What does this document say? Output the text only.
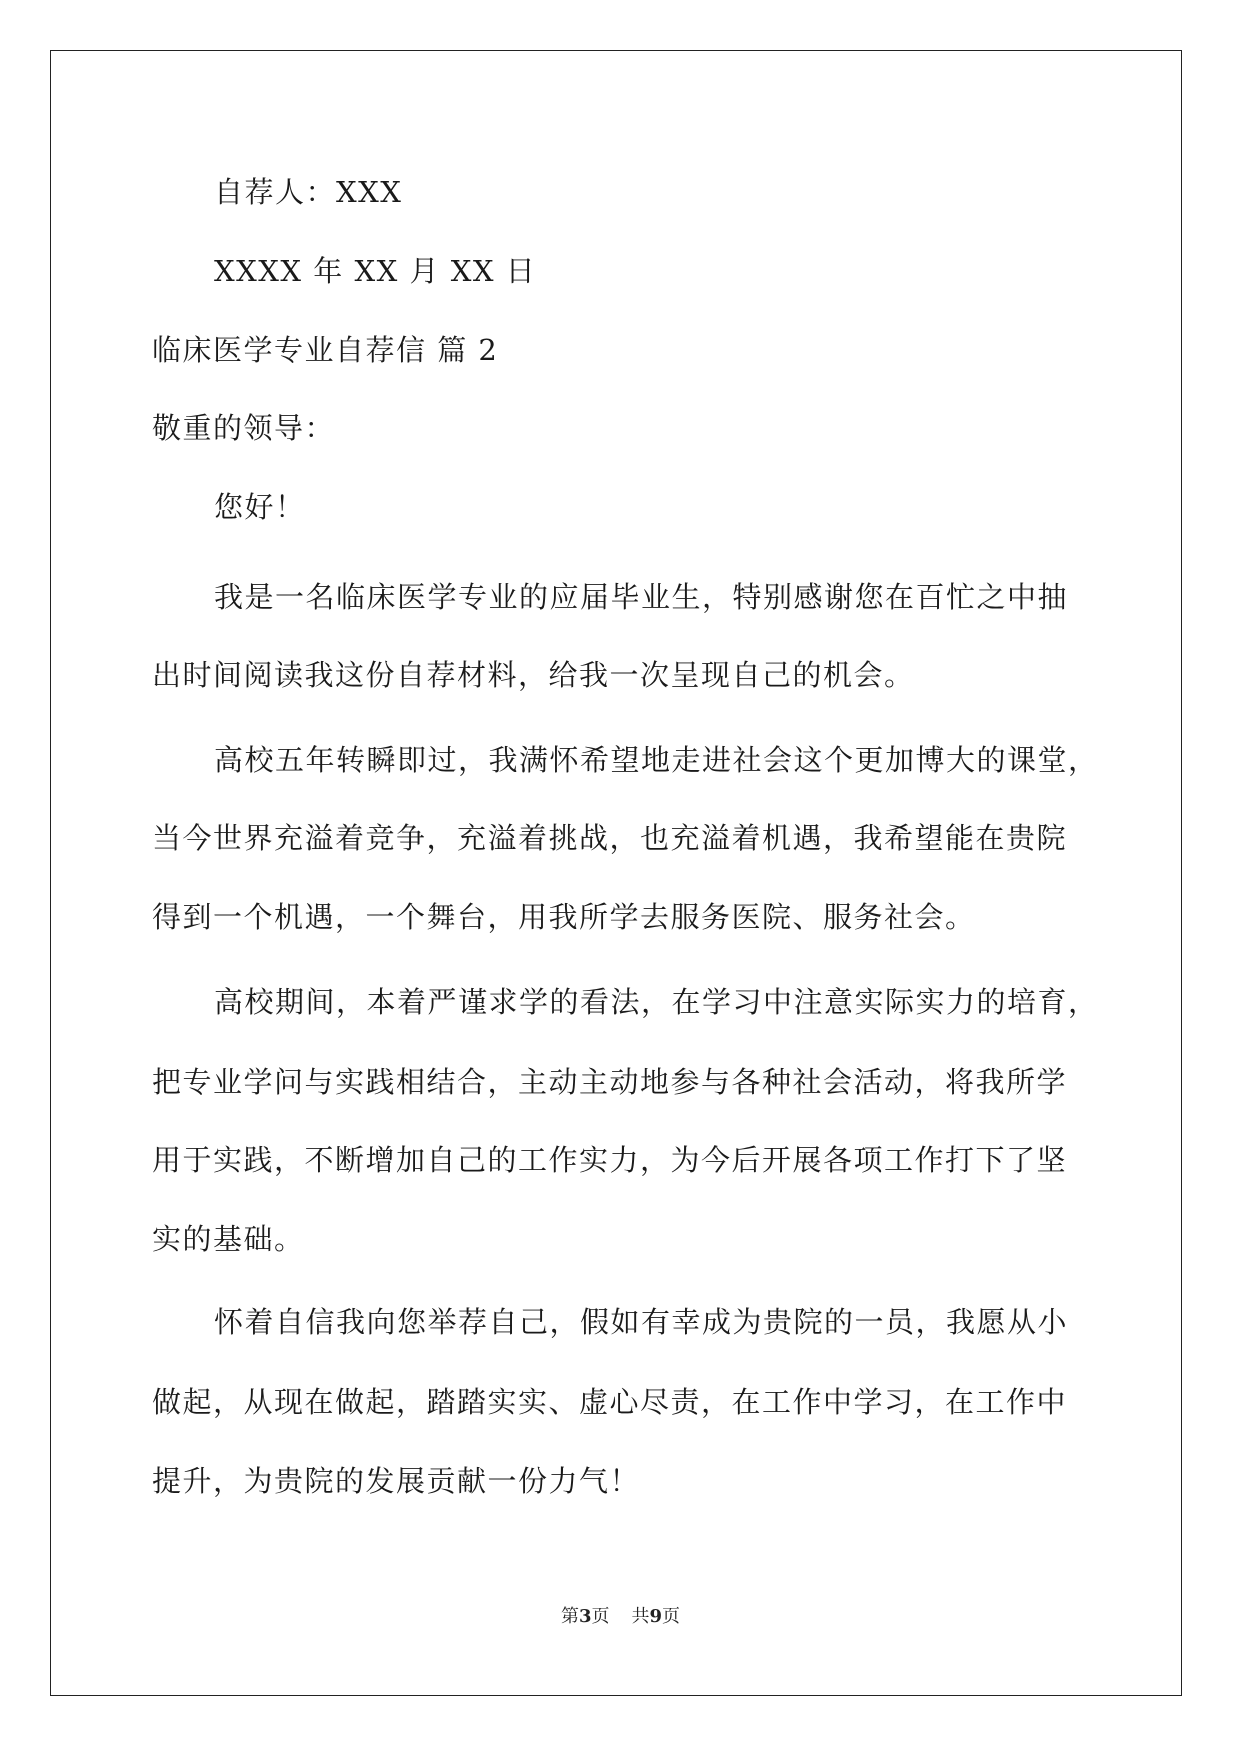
自荐人：XXX
XXXX 年 XX 月 XX 日
临床医学专业自荐信 篇 2
敬重的领导：
您好！
我是一名临床医学专业的应届毕业生，特别感谢您在百忙之中抽
出时间阅读我这份自荐材料，给我一次呈现自己的机会。
高校五年转瞬即过，我满怀希望地走进社会这个更加博大的课堂，
当今世界充溢着竞争，充溢着挑战，也充溢着机遇，我希望能在贵院
得到一个机遇，一个舞台，用我所学去服务医院、服务社会。
高校期间，本着严谨求学的看法，在学习中注意实际实力的培育，
把专业学问与实践相结合，主动主动地参与各种社会活动，将我所学
用于实践，不断增加自己的工作实力，为今后开展各项工作打下了坚
实的基础。
怀着自信我向您举荐自己，假如有幸成为贵院的一员，我愿从小
做起，从现在做起，踏踏实实、虚心尽责，在工作中学习，在工作中
提升，为贵院的发展贡献一份力气！
第3页 共9页
